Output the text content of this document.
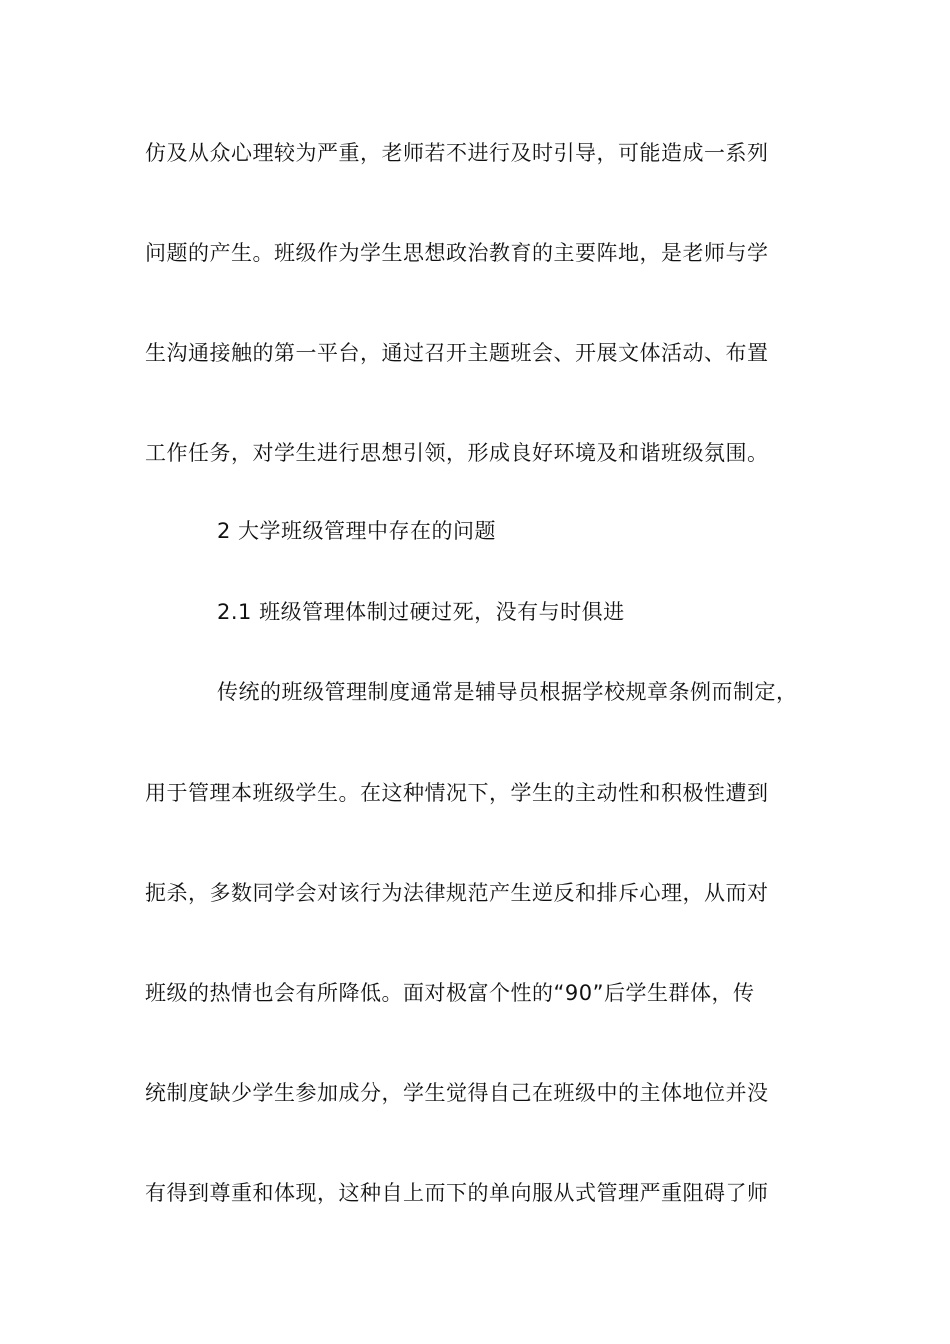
仿及从众心理较为严重，老师若不进行及时引导，可能造成一系列
问题的产生。班级作为学生思想政治教育的主要阵地，是老师与学
生沟通接触的第一平台，通过召开主题班会、开展文体活动、布置
工作任务，对学生进行思想引领，形成良好环境及和谐班级氛围。
2 大学班级管理中存在的问题
2.1 班级管理体制过硬过死，没有与时俱进
传统的班级管理制度通常是辅导员根据学校规章条例而制定，
用于管理本班级学生。在这种情况下，学生的主动性和积极性遭到
扼杀，多数同学会对该行为法律规范产生逆反和排斥心理，从而对
班级的热情也会有所降低。面对极富个性的“90”后学生群体，传
统制度缺少学生参加成分，学生觉得自己在班级中的主体地位并没
有得到尊重和体现，这种自上而下的单向服从式管理严重阻碍了师
